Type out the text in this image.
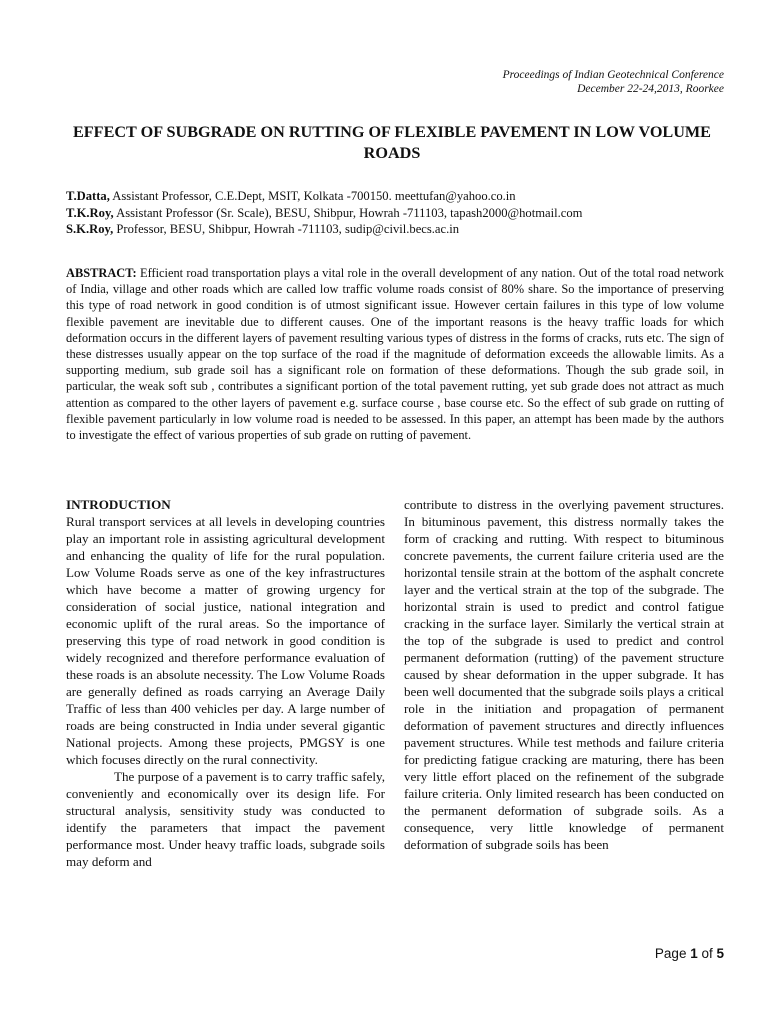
Proceedings of Indian Geotechnical Conference
December 22-24,2013, Roorkee
EFFECT OF SUBGRADE ON RUTTING OF FLEXIBLE PAVEMENT IN LOW VOLUME ROADS
T.Datta, Assistant Professor, C.E.Dept, MSIT, Kolkata -700150. meettufan@yahoo.co.in
T.K.Roy, Assistant Professor (Sr. Scale), BESU, Shibpur, Howrah -711103, tapash2000@hotmail.com
S.K.Roy, Professor, BESU, Shibpur, Howrah -711103, sudip@civil.becs.ac.in
ABSTRACT: Efficient road transportation plays a vital role in the overall development of any nation. Out of the total road network of India, village and other roads which are called low traffic volume roads consist of 80% share. So the importance of preserving this type of road network in good condition is of utmost significant issue. However certain failures in this type of low volume flexible pavement are inevitable due to different causes. One of the important reasons is the heavy traffic loads for which deformation occurs in the different layers of pavement resulting various types of distress in the forms of cracks, ruts etc. The sign of these distresses usually appear on the top surface of the road if the magnitude of deformation exceeds the allowable limits. As a supporting medium, sub grade soil has a significant role on formation of these deformations. Though the sub grade soil, in particular, the weak soft sub , contributes a significant portion of the total pavement rutting, yet sub grade does not attract as much attention as compared to the other layers of pavement e.g. surface course , base course etc. So the effect of sub grade on rutting of flexible pavement particularly in low volume road is needed to be assessed. In this paper, an attempt has been made by the authors to investigate the effect of various properties of sub grade on rutting of pavement.
INTRODUCTION

Rural transport services at all levels in developing countries play an important role in assisting agricultural development and enhancing the quality of life for the rural population. Low Volume Roads serve as one of the key infrastructures which have become a matter of growing urgency for consideration of social justice, national integration and economic uplift of the rural areas. So the importance of preserving this type of road network in good condition is widely recognized and therefore performance evaluation of these roads is an absolute necessity. The Low Volume Roads are generally defined as roads carrying an Average Daily Traffic of less than 400 vehicles per day. A large number of roads are being constructed in India under several gigantic National projects. Among these projects, PMGSY is one which focuses directly on the rural connectivity.

The purpose of a pavement is to carry traffic safely, conveniently and economically over its design life. For structural analysis, sensitivity study was conducted to identify the parameters that impact the pavement performance most. Under heavy traffic loads, subgrade soils may deform and

contribute to distress in the overlying pavement structures. In bituminous pavement, this distress normally takes the form of cracking and rutting. With respect to bituminous concrete pavements, the current failure criteria used are the horizontal tensile strain at the bottom of the asphalt concrete layer and the vertical strain at the top of the subgrade. The horizontal strain is used to predict and control fatigue cracking in the surface layer. Similarly the vertical strain at the top of the subgrade is used to predict and control permanent deformation (rutting) of the pavement structure caused by shear deformation in the upper subgrade. It has been well documented that the subgrade soils plays a critical role in the initiation and propagation of permanent deformation of pavement structures and directly influences pavement structures. While test methods and failure criteria for predicting fatigue cracking are maturing, there has been very little effort placed on the refinement of the subgrade failure criteria. Only limited research has been conducted on the permanent deformation of subgrade soils. As a consequence, very little knowledge of permanent deformation of subgrade soils has been

Page 1 of 5
